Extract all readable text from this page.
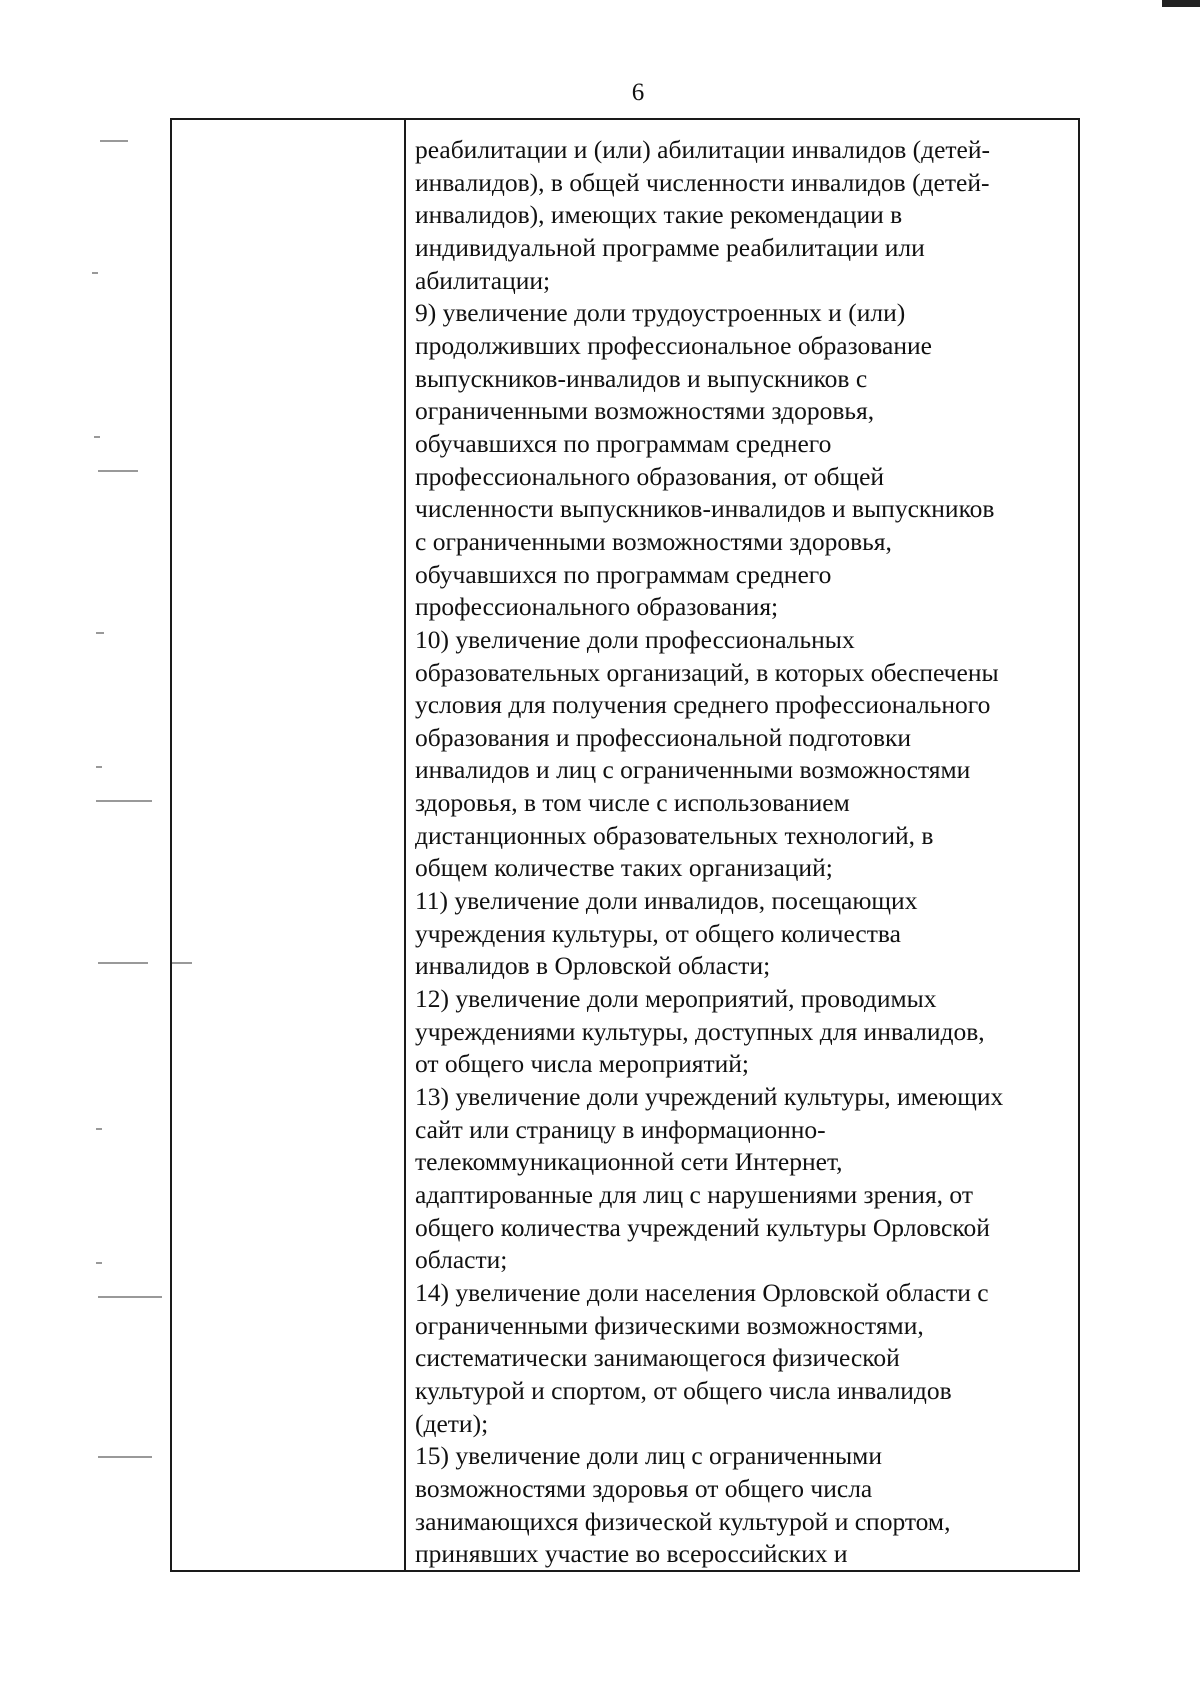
6
реабилитации и (или) абилитации инвалидов (детей-
инвалидов), в общей численности инвалидов (детей-
инвалидов), имеющих такие рекомендации в
индивидуальной программе реабилитации или
абилитации;
9) увеличение доли трудоустроенных и (или)
продолживших профессиональное образование
выпускников-инвалидов и выпускников с
ограниченными возможностями здоровья,
обучавшихся по программам среднего
профессионального образования, от общей
численности выпускников-инвалидов и выпускников
с ограниченными возможностями здоровья,
обучавшихся по программам среднего
профессионального образования;
10) увеличение доли профессиональных
образовательных организаций, в которых обеспечены
условия для получения среднего профессионального
образования и профессиональной подготовки
инвалидов и лиц с ограниченными возможностями
здоровья, в том числе с использованием
дистанционных образовательных технологий, в
общем количестве таких организаций;
11) увеличение доли инвалидов, посещающих
учреждения культуры, от общего количества
инвалидов в Орловской области;
12) увеличение доли мероприятий, проводимых
учреждениями культуры, доступных для инвалидов,
от общего числа мероприятий;
13) увеличение доли учреждений культуры, имеющих
сайт или страницу в информационно-
телекоммуникационной сети Интернет,
адаптированные для лиц с нарушениями зрения, от
общего количества учреждений культуры Орловской
области;
14) увеличение доли населения Орловской области с
ограниченными физическими возможностями,
систематически занимающегося физической
культурой и спортом, от общего числа инвалидов
(дети);
15) увеличение доли лиц с ограниченными
возможностями здоровья от общего числа
занимающихся физической культурой и спортом,
принявших участие во всероссийских и
